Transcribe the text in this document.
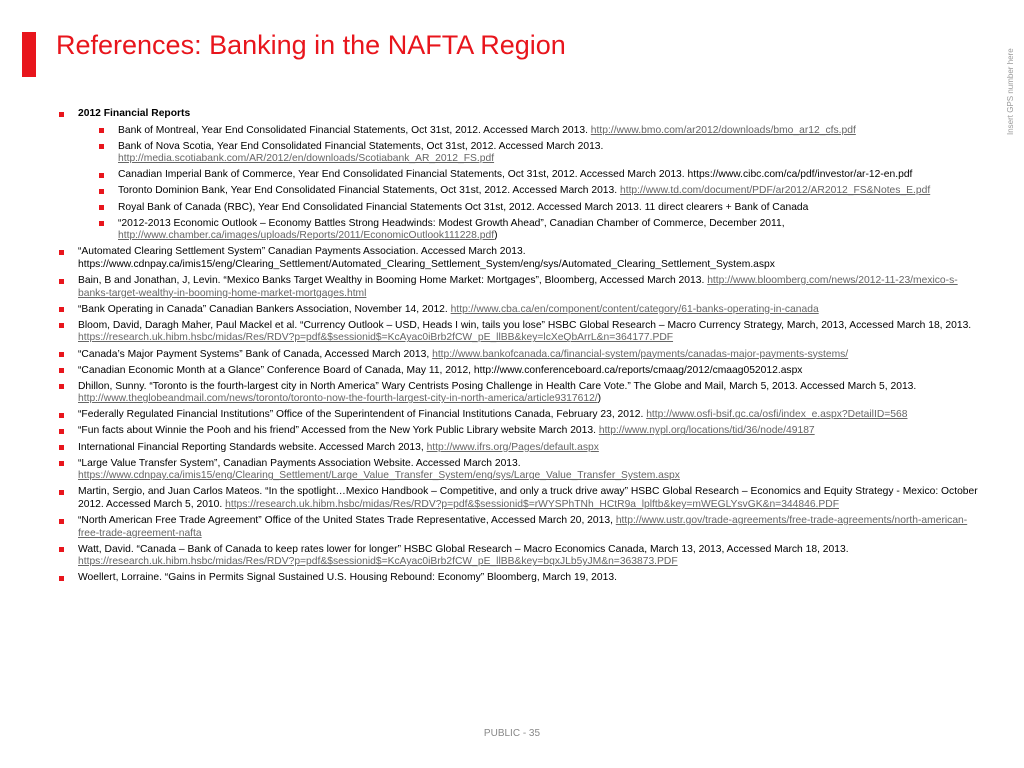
References: Banking in the NAFTA Region
Insert GPS number here
2012 Financial Reports
Bank of Montreal, Year End Consolidated Financial Statements, Oct 31st, 2012. Accessed March 2013. http://www.bmo.com/ar2012/downloads/bmo_ar12_cfs.pdf
Bank of Nova Scotia, Year End Consolidated Financial Statements, Oct 31st, 2012. Accessed March 2013. http://media.scotiabank.com/AR/2012/en/downloads/Scotiabank_AR_2012_FS.pdf
Canadian Imperial Bank of Commerce, Year End Consolidated Financial Statements, Oct 31st, 2012. Accessed March 2013. https://www.cibc.com/ca/pdf/investor/ar-12-en.pdf
Toronto Dominion Bank, Year End Consolidated Financial Statements, Oct 31st, 2012. Accessed March 2013. http://www.td.com/document/PDF/ar2012/AR2012_FS&Notes_E.pdf
Royal Bank of Canada (RBC), Year End Consolidated Financial Statements Oct 31st, 2012. Accessed March 2013. 11 direct clearers + Bank of Canada
“2012-2013 Economic Outlook – Economy Battles Strong Headwinds: Modest Growth Ahead”, Canadian Chamber of Commerce, December 2011, http://www.chamber.ca/images/uploads/Reports/2011/EconomicOutlook111228.pdf)
“Automated Clearing Settlement System” Canadian Payments Association. Accessed March 2013. https://www.cdnpay.ca/imis15/eng/Clearing_Settlement/Automated_Clearing_Settlement_System/eng/sys/Automated_Clearing_Settlement_System.aspx
Bain, B and Jonathan, J, Levin. “Mexico Banks Target Wealthy in Booming Home Market: Mortgages”, Bloomberg, Accessed March 2013. http://www.bloomberg.com/news/2012-11-23/mexico-s-banks-target-wealthy-in-booming-home-market-mortgages.html
“Bank Operating in Canada” Canadian Bankers Association, November 14, 2012. http://www.cba.ca/en/component/content/category/61-banks-operating-in-canada
Bloom, David, Daragh Maher, Paul Mackel et al. “Currency Outlook – USD, Heads I win, tails you lose” HSBC Global Research – Macro Currency Strategy, March, 2013, Accessed March 18, 2013. https://research.uk.hibm.hsbc/midas/Res/RDV?p=pdf&$sessionid$=KcAyac0iBrb2fCW_pE_llBB&key=lcXeQbArrL&n=364177.PDF
“Canada’s Major Payment Systems” Bank of Canada, Accessed March 2013, http://www.bankofcanada.ca/financial-system/payments/canadas-major-payments-systems/
“Canadian Economic Month at a Glance” Conference Board of Canada, May 11, 2012, http://www.conferenceboard.ca/reports/cmaag/2012/cmaag052012.aspx
Dhillon, Sunny. “Toronto is the fourth-largest city in North America” Wary Centrists Posing Challenge in Health Care Vote.” The Globe and Mail, March 5, 2013. Accessed March 5, 2013. http://www.theglobeandmail.com/news/toronto/toronto-now-the-fourth-largest-city-in-north-america/article9317612/)
“Federally Regulated Financial Institutions” Office of the Superintendent of Financial Institutions Canada, February 23, 2012. http://www.osfi-bsif.gc.ca/osfi/index_e.aspx?DetailID=568
“Fun facts about Winnie the Pooh and his friend” Accessed from the New York Public Library website March 2013. http://www.nypl.org/locations/tid/36/node/49187
International Financial Reporting Standards website. Accessed March 2013, http://www.ifrs.org/Pages/default.aspx
“Large Value Transfer System”, Canadian Payments Association Website. Accessed March 2013. https://www.cdnpay.ca/imis15/eng/Clearing_Settlement/Large_Value_Transfer_System/eng/sys/Large_Value_Transfer_System.aspx
Martin, Sergio, and Juan Carlos Mateos. “In the spotlight…Mexico Handbook – Competitive, and only a truck drive away” HSBC Global Research – Economics and Equity Strategy - Mexico: October 2012. Accessed March 5, 2010. https://research.uk.hibm.hsbc/midas/Res/RDV?p=pdf&$sessionid$=rWYSPhTNh_HCtR9a_lplftb&key=mWEGLYsvGK&n=344846.PDF
“North American Free Trade Agreement” Office of the United States Trade Representative, Accessed March 20, 2013, http://www.ustr.gov/trade-agreements/free-trade-agreements/north-american-free-trade-agreement-nafta
Watt, David. “Canada – Bank of Canada to keep rates lower for longer” HSBC Global Research – Macro Economics Canada, March 13, 2013, Accessed March 18, 2013. https://research.uk.hibm.hsbc/midas/Res/RDV?p=pdf&$sessionid$=KcAyac0iBrb2fCW_pE_llBB&key=bqxJLb5yJM&n=363873.PDF
Woellert, Lorraine. “Gains in Permits Signal Sustained U.S. Housing Rebound: Economy” Bloomberg, March 19, 2013.
PUBLIC - 35
